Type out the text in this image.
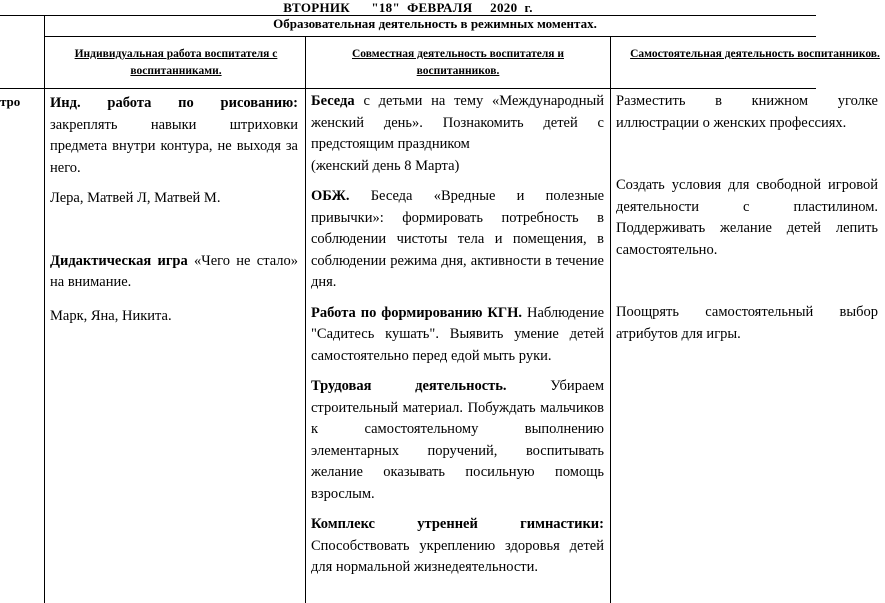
ВТОРНИК      "18"  ФЕВРАЛЯ     2020  г.
Образовательная деятельность в режимных моментах.
Индивидуальная работа воспитателя с воспитанниками.
Совместная деятельность воспитателя и воспитанников.
Самостоятельная деятельность воспитанников.
тро Инд. работа по рисованию: закреплять навыки штриховки предмета внутри контура, не выходя за него.

Лера, Матвей Л, Матвей М.

Дидактическая игра «Чего не стало» на внимание.

Марк, Яна, Никита.

Беседа с детьми на тему «Международный женский день». Познакомить детей с предстоящим праздником

(женский день 8 Марта)

ОБЖ. Беседа «Вредные и полезные привычки»: формировать потребность в соблюдении чистоты тела и помещения, в соблюдении режима дня, активности в течение дня.

Работа по формированию КГН. Наблюдение "Садитесь кушать". Выявить умение детей самостоятельно перед едой мыть руки.

Трудовая деятельность.	Убираем строительный материал. Побуждать мальчиков к самостоятельному выполнению элементарных поручений, воспитывать желание оказывать посильную помощь взрослым.

Комплекс утренней гимнастики: Способствовать укреплению здоровья детей для нормальной жизнедеятельности.

Разместить в книжном уголке иллюстрации о женских профессиях.

Создать условия для свободной игровой деятельности с пластилином. Поддерживать желание детей лепить самостоятельно.

Поощрять самостоятельный выбор атрибутов для игры.
